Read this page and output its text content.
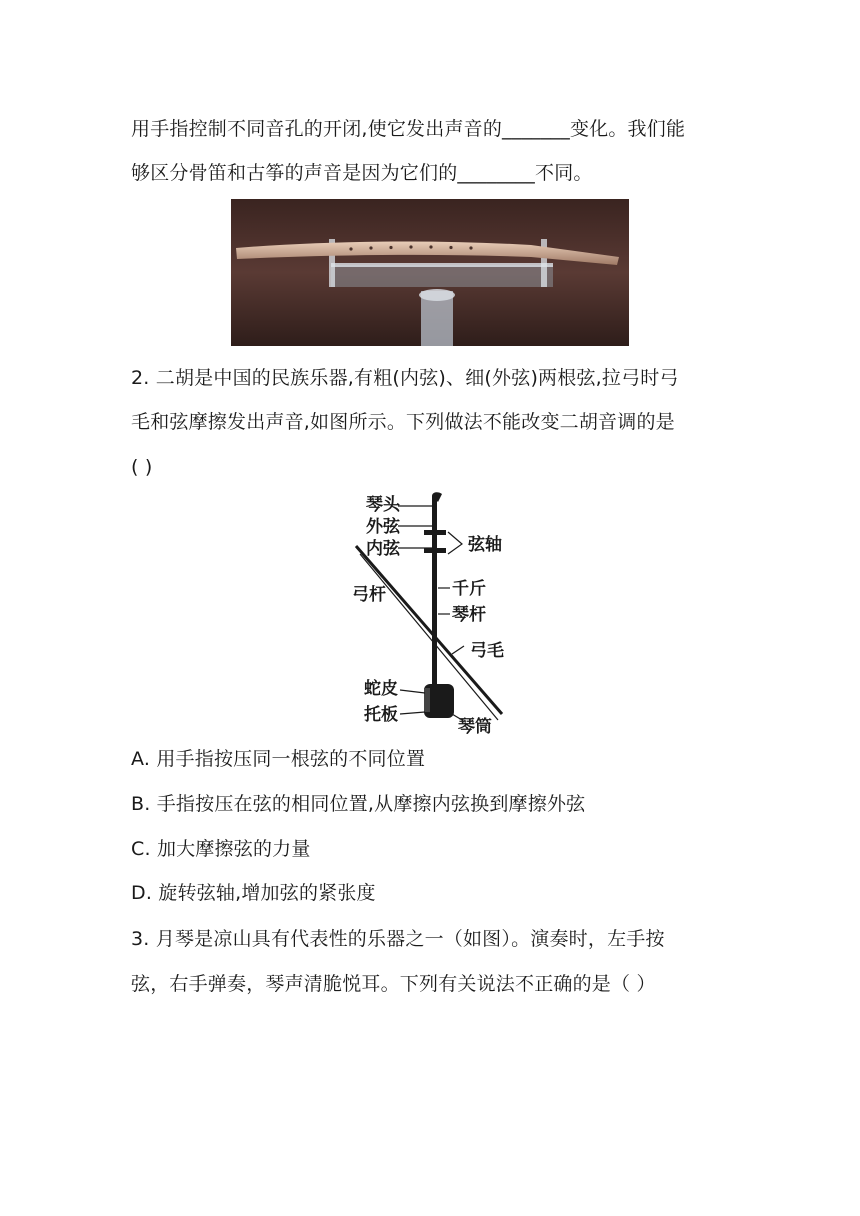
用手指控制不同音孔的开闭,使它发出声音的_______变化。我们能
够区分骨笛和古筝的声音是因为它们的________不同。
2. 二胡是中国的民族乐器,有粗(内弦)、细(外弦)两根弦,拉弓时弓
毛和弦摩擦发出声音,如图所示。下列做法不能改变二胡音调的是
( )
琴头
外弦
内弦	弦轴
弓杆	千斤
琴杆
弓毛
蛇皮
托板
琴筒
A. 用手指按压同一根弦的不同位置
B. 手指按压在弦的相同位置,从摩擦内弦换到摩擦外弦
C. 加大摩擦弦的力量
D. 旋转弦轴,增加弦的紧张度
3. 月琴是凉山具有代表性的乐器之一（如图）。演奏时，左手按
弦，右手弹奏，琴声清脆悦耳。下列有关说法不正确的是（ ）
